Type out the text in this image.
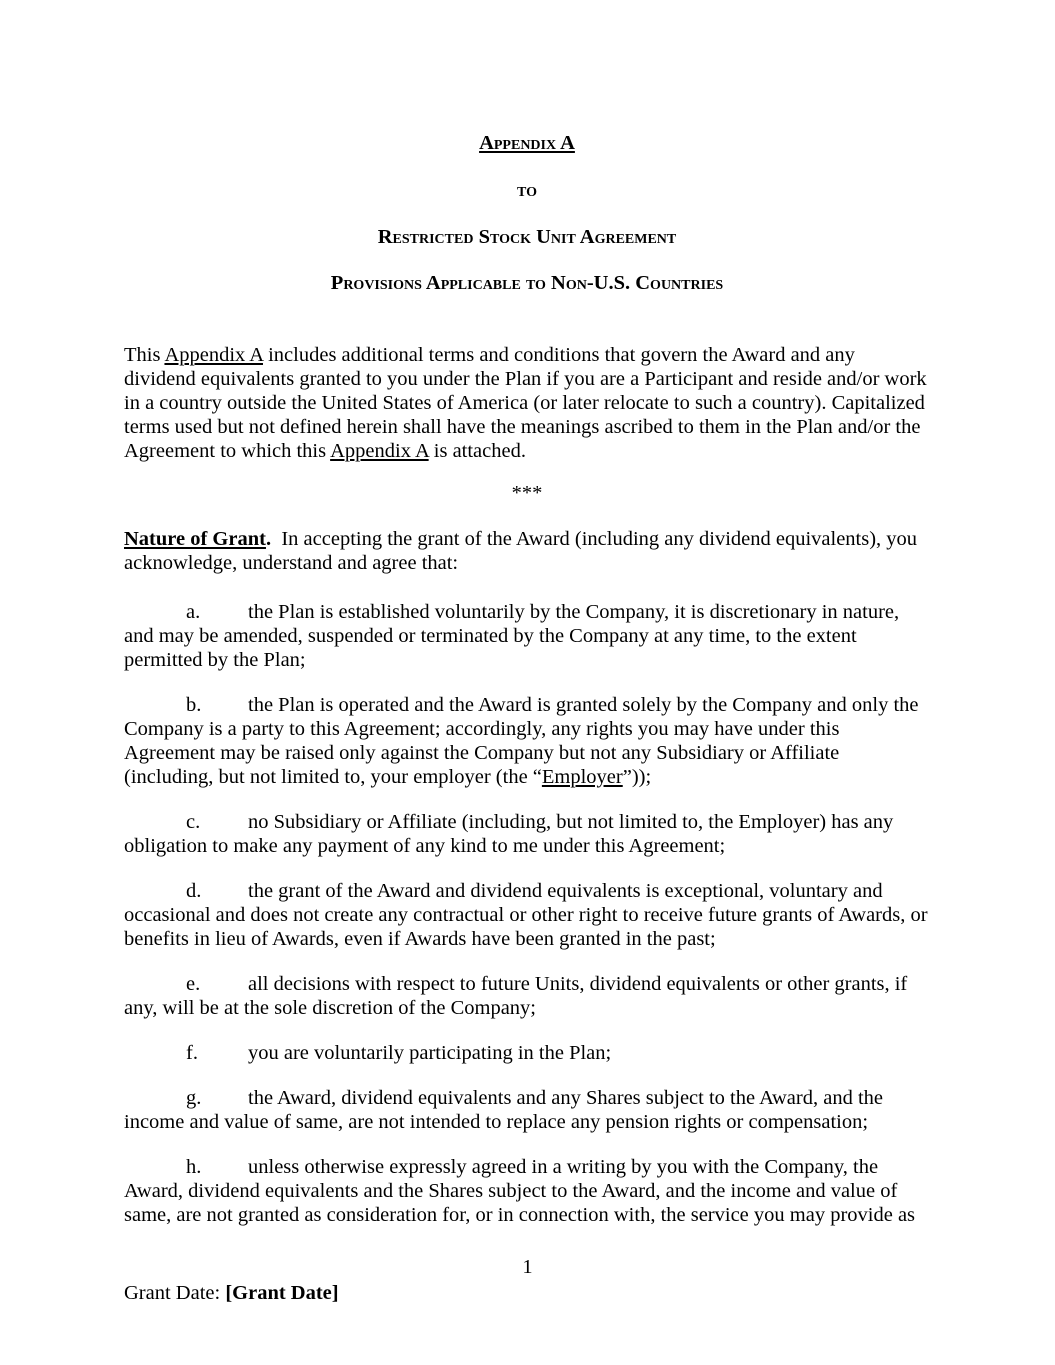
Appendix A
to
Restricted Stock Unit Agreement
Provisions Applicable to Non-U.S. Countries

This Appendix A includes additional terms and conditions that govern the Award and any dividend equivalents granted to you under the Plan if you are a Participant and reside and/or work in a country outside the United States of America (or later relocate to such a country). Capitalized terms used but not defined herein shall have the meanings ascribed to them in the Plan and/or the Agreement to which this Appendix A is attached.

***

Nature of Grant.  In accepting the grant of the Award (including any dividend equivalents), you acknowledge, understand and agree that:

a. the Plan is established voluntarily by the Company, it is discretionary in nature, and may be amended, suspended or terminated by the Company at any time, to the extent permitted by the Plan;

b. the Plan is operated and the Award is granted solely by the Company and only the Company is a party to this Agreement; accordingly, any rights you may have under this Agreement may be raised only against the Company but not any Subsidiary or Affiliate (including, but not limited to, your employer (the “Employer”));

c. no Subsidiary or Affiliate (including, but not limited to, the Employer) has any obligation to make any payment of any kind to me under this Agreement;

d. the grant of the Award and dividend equivalents is exceptional, voluntary and occasional and does not create any contractual or other right to receive future grants of Awards, or benefits in lieu of Awards, even if Awards have been granted in the past;

e. all decisions with respect to future Units, dividend equivalents or other grants, if any, will be at the sole discretion of the Company;

f. you are voluntarily participating in the Plan;

g. the Award, dividend equivalents and any Shares subject to the Award, and the income and value of same, are not intended to replace any pension rights or compensation;

h. unless otherwise expressly agreed in a writing by you with the Company, the Award, dividend equivalents and the Shares subject to the Award, and the income and value of same, are not granted as consideration for, or in connection with, the service you may provide as

1
Grant Date: [Grant Date]
